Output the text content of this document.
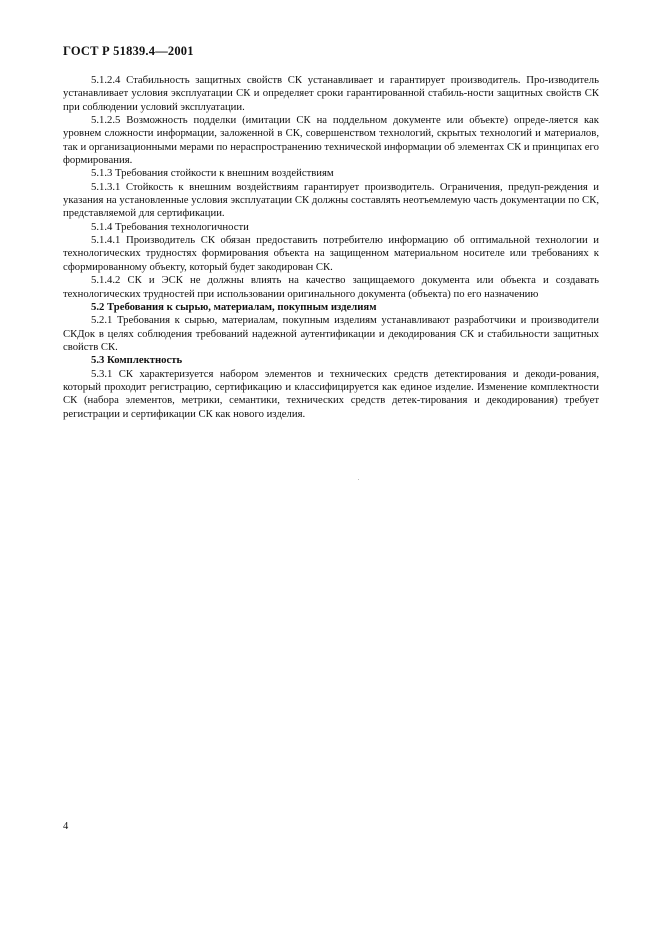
ГОСТ Р 51839.4—2001

5.1.2.4 Стабильность защитных свойств СК устанавливает и гарантирует производитель. Про-изводитель устанавливает условия эксплуатации СК и определяет сроки гарантированной стабиль-ности защитных свойств СК при соблюдении условий эксплуатации.

5.1.2.5 Возможность подделки (имитации СК на поддельном документе или объекте) опреде-ляется как уровнем сложности информации, заложенной в СК, совершенством технологий, скрытых технологий и материалов, так и организационными мерами по нераспространению технической информации об элементах СК и принципах его формирования.

5.1.3 Требования стойкости к внешним воздействиям

5.1.3.1 Стойкость к внешним воздействиям гарантирует производитель. Ограничения, предуп-реждения и указания на установленные условия эксплуатации СК должны составлять неотъемлемую часть документации по СК, представляемой для сертификации.

5.1.4 Требования технологичности

5.1.4.1 Производитель СК обязан предоставить потребителю информацию об оптимальной технологии и технологических трудностях формирования объекта на защищенном материальном носителе или требованиях к сформированному объекту, который будет закодирован СК.

5.1.4.2 СК и ЭСК не должны влиять на качество защищаемого документа или объекта и создавать технологических трудностей при использовании оригинального документа (объекта) по его назначению

5.2 Требования к сырью, материалам, покупным изделиям

5.2.1 Требования к сырью, материалам, покупным изделиям устанавливают разработчики и производители СКДок в целях соблюдения требований надежной аутентификации и декодирования СК и стабильности защитных свойств СК.

5.3 Комплектность

5.3.1 СК характеризуется набором элементов и технических средств детектирования и декоди-рования, который проходит регистрацию, сертификацию и классифицируется как единое изделие. Изменение комплектности СК (набора элементов, метрики, семантики, технических средств детек-тирования и декодирования) требует регистрации и сертификации СК как нового изделия.

4
